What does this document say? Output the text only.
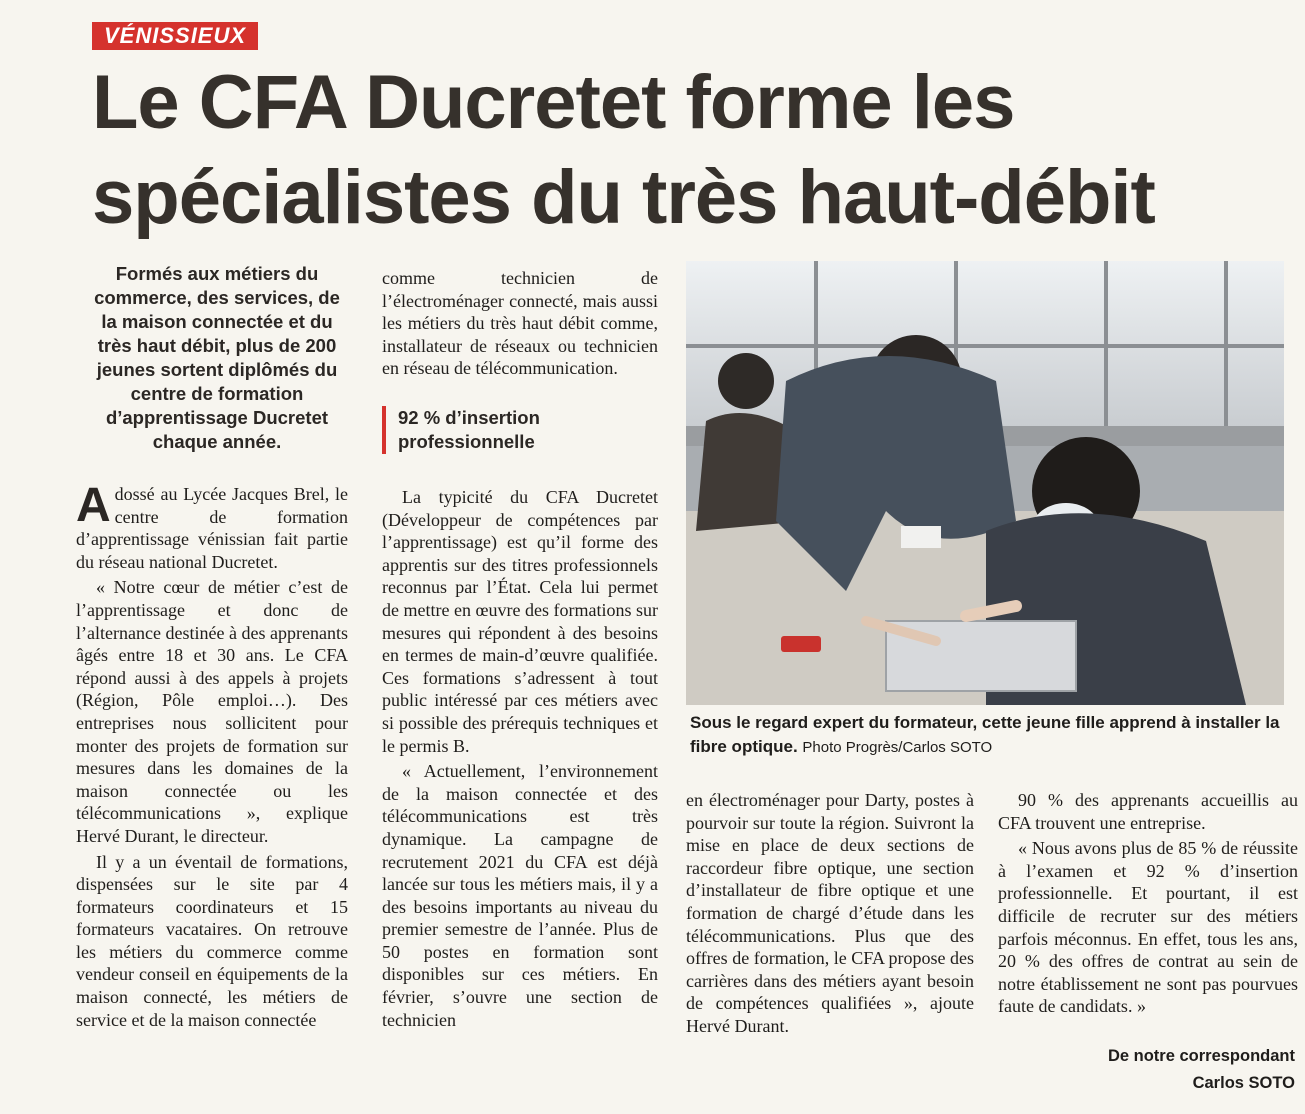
VÉNISSIEUX
Le CFA Ducretet forme les
spécialistes du très haut-débit

Formés aux métiers du commerce, des services, de la maison connectée et du très haut débit, plus de 200 jeunes sortent diplômés du centre de formation d’apprentissage Ducretet chaque année.

Adossé au Lycée Jacques Brel, le centre de formation d’apprentissage vénissian fait partie du réseau national Ducretet.

« Notre cœur de métier c’est de l’apprentissage et donc de l’alternance destinée à des apprenants âgés entre 18 et 30 ans. Le CFA répond aussi à des appels à projets (Région, Pôle emploi…). Des entreprises nous sollicitent pour monter des projets de formation sur mesures dans les domaines de la maison connectée ou les télécommunications », explique Hervé Durant, le directeur.

Il y a un éventail de formations, dispensées sur le site par 4 formateurs coordinateurs et 15 formateurs vacataires. On retrouve les métiers du commerce comme vendeur conseil en équipements de la maison connecté, les métiers de service et de la maison connectée

comme technicien de l’électroménager connecté, mais aussi les métiers du très haut débit comme, installateur de réseaux ou technicien en réseau de télécommunication.

92 % d’insertion
professionnelle

La typicité du CFA Ducretet (Développeur de compétences par l’apprentissage) est qu’il forme des apprentis sur des titres professionnels reconnus par l’État. Cela lui permet de mettre en œuvre des formations sur mesures qui répondent à des besoins en termes de main-d’œuvre qualifiée. Ces formations s’adressent à tout public intéressé par ces métiers avec si possible des prérequis techniques et le permis B.

« Actuellement, l’environnement de la maison connectée et des télécommunications est très dynamique. La campagne de recrutement 2021 du CFA est déjà lancée sur tous les métiers mais, il y a des besoins importants au niveau du premier semestre de l’année. Plus de 50 postes en formation sont disponibles sur ces métiers. En février, s’ouvre une section de technicien

Sous le regard expert du formateur, cette jeune fille apprend à installer la fibre optique. Photo Progrès/Carlos SOTO

en électroménager pour Darty, postes à pourvoir sur toute la région. Suivront la mise en place de deux sections de raccordeur fibre optique, une section d’installateur de fibre optique et une formation de chargé d’étude dans les télécommunications. Plus que des offres de formation, le CFA propose des carrières dans des métiers ayant besoin de compétences qualifiées », ajoute Hervé Durant.

90 % des apprenants accueillis au CFA trouvent une entreprise.

« Nous avons plus de 85 % de réussite à l’examen et 92 % d’insertion professionnelle. Et pourtant, il est difficile de recruter sur des métiers parfois méconnus. En effet, tous les ans, 20 % des offres de contrat au sein de notre établissement ne sont pas pourvues faute de candidats. »

De notre correspondant
Carlos SOTO
